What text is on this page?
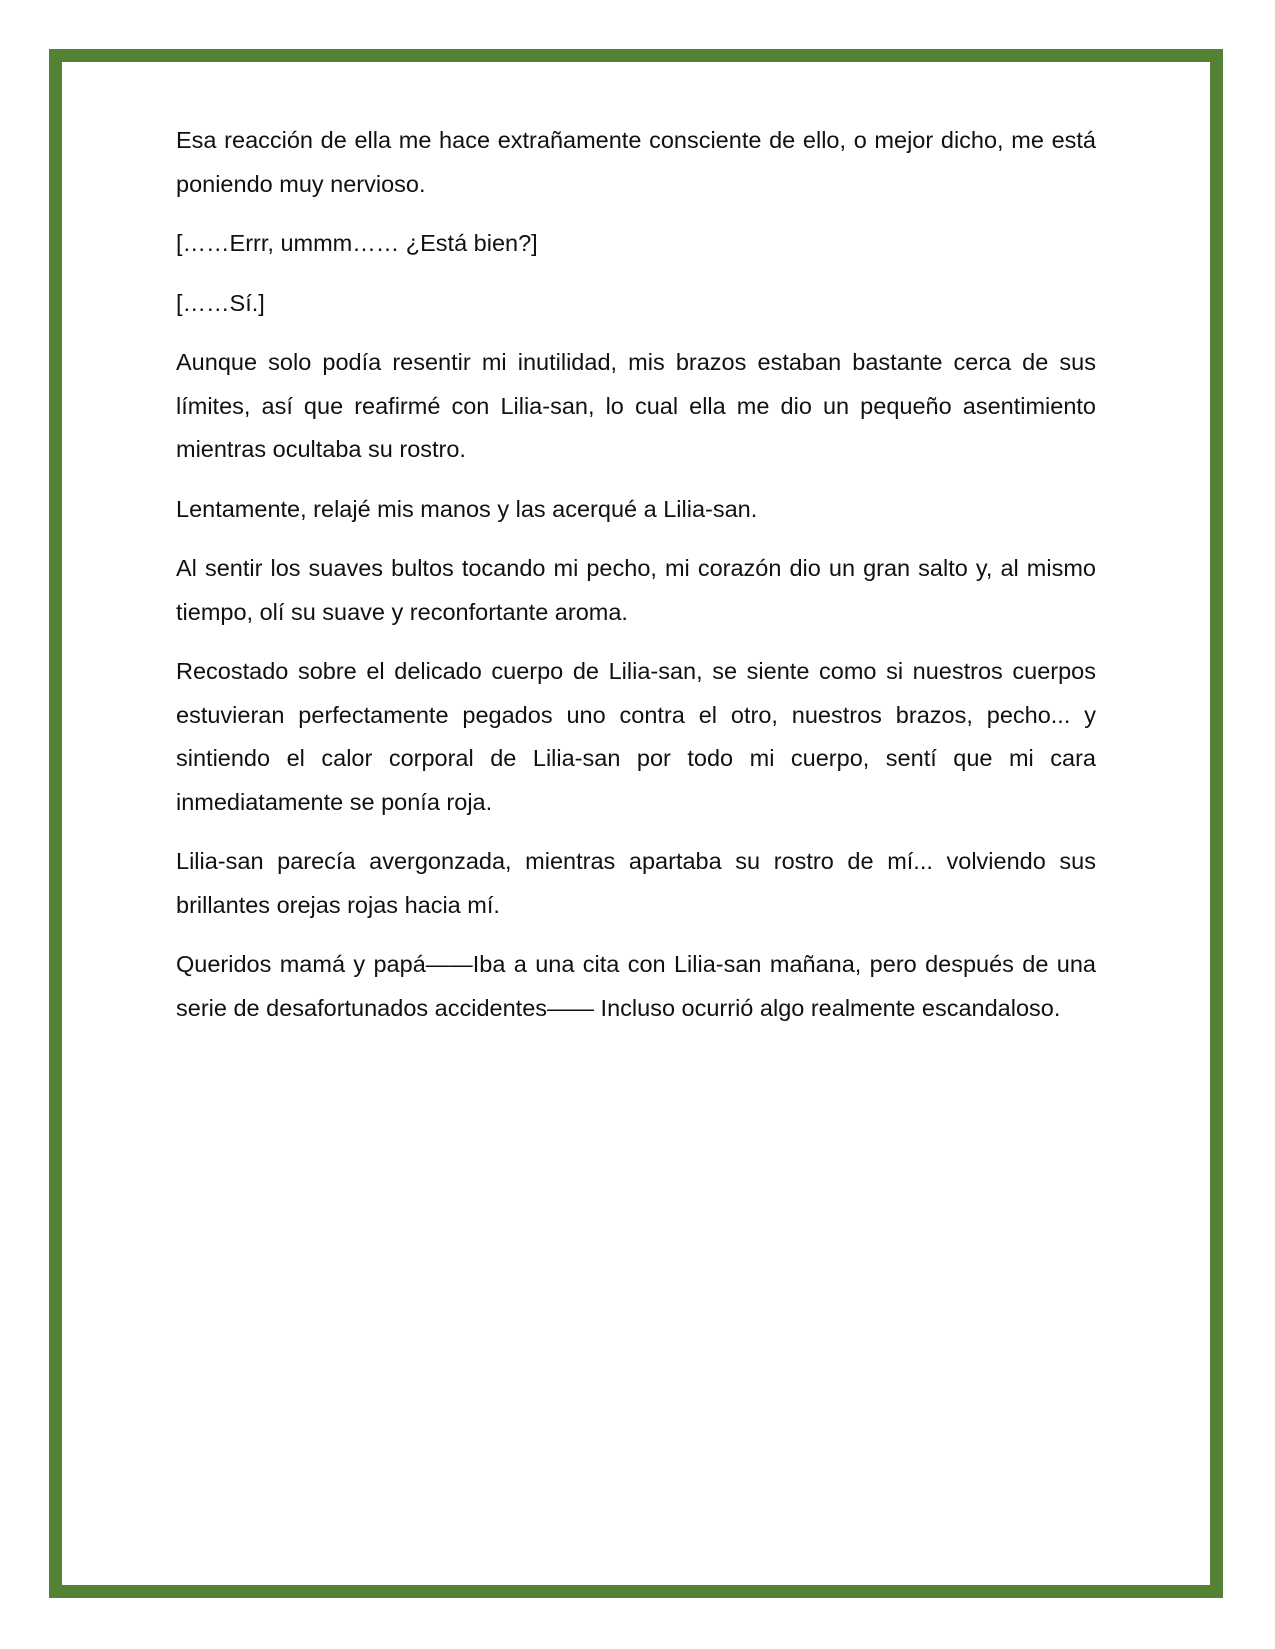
Esa reacción de ella me hace extrañamente consciente de ello, o mejor dicho, me está poniendo muy nervioso.

[……Errr, ummm…… ¿Está bien?]

[……Sí.]

Aunque solo podía resentir mi inutilidad, mis brazos estaban bastante cerca de sus límites, así que reafirmé con Lilia-san, lo cual ella me dio un pequeño asentimiento mientras ocultaba su rostro.

Lentamente, relajé mis manos y las acerqué a Lilia-san.

Al sentir los suaves bultos tocando mi pecho, mi corazón dio un gran salto y, al mismo tiempo, olí su suave y reconfortante aroma.

Recostado sobre el delicado cuerpo de Lilia-san, se siente como si nuestros cuerpos estuvieran perfectamente pegados uno contra el otro, nuestros brazos, pecho... y sintiendo el calor corporal de Lilia-san por todo mi cuerpo, sentí que mi cara inmediatamente se ponía roja.

Lilia-san parecía avergonzada, mientras apartaba su rostro de mí... volviendo sus brillantes orejas rojas hacia mí.

Queridos mamá y papá——Iba a una cita con Lilia-san mañana, pero después de una serie de desafortunados accidentes—— Incluso ocurrió algo realmente escandaloso.
